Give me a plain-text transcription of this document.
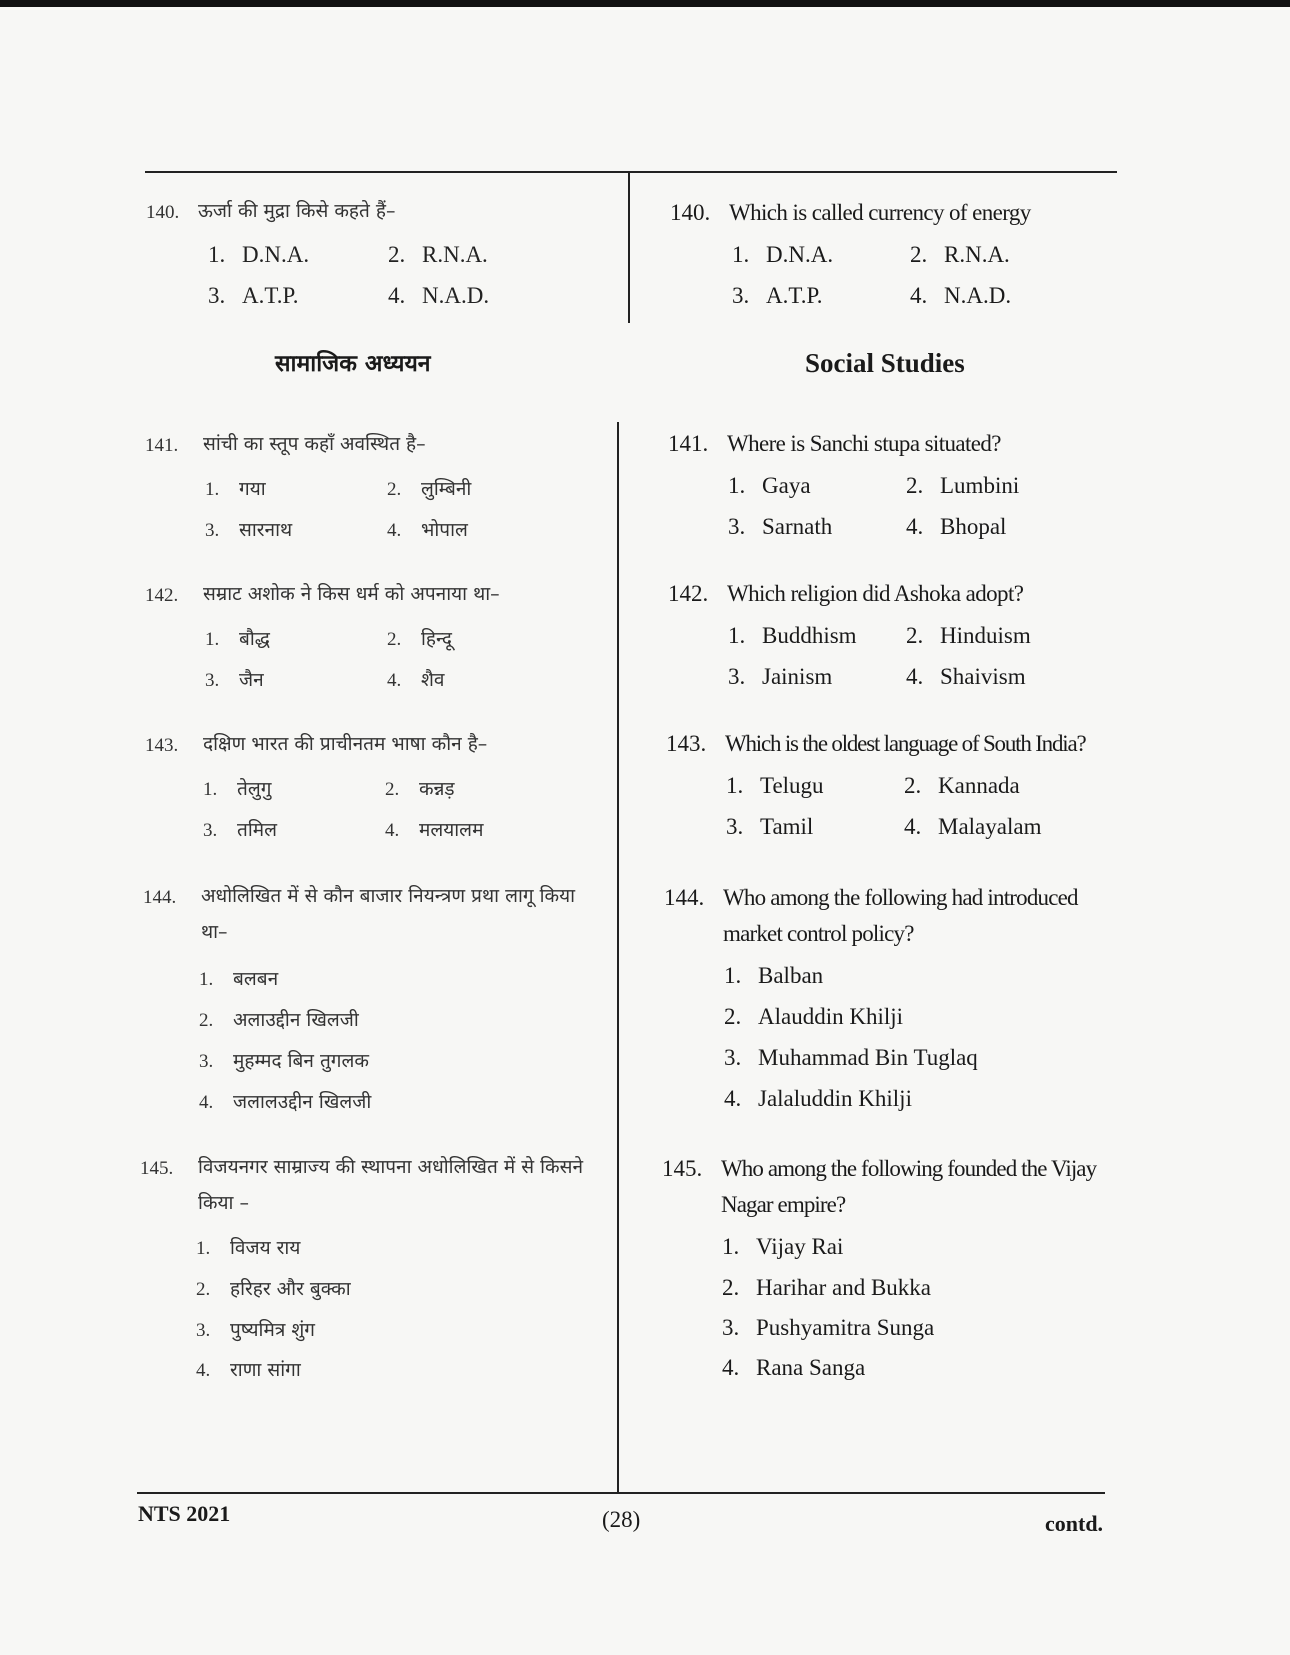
140. ऊर्जा की मुद्रा किसे कहते हैं–
1. D.N.A.	2. R.N.A.
3. A.T.P.	4. N.A.D.
सामाजिक अध्ययन
141. सांची का स्तूप कहाँ अवस्थित है–
1. गया	2. लुम्बिनी
3. सारनाथ	4. भोपाल
142. सम्राट अशोक ने किस धर्म को अपनाया था–
1. बौद्ध	2. हिन्दू
3. जैन	4. शैव
143. दक्षिण भारत की प्राचीनतम भाषा कौन है–
1. तेलुगु	2. कन्नड़
3. तमिल	4. मलयालम
144. अधोलिखित में से कौन बाजार नियन्त्रण प्रथा लागू किया था–
1. बलबन
2. अलाउद्दीन खिलजी
3. मुहम्मद बिन तुगलक
4. जलालउद्दीन खिलजी
145. विजयनगर साम्राज्य की स्थापना अधोलिखित में से किसने किया –
1. विजय राय
2. हरिहर और बुक्का
3. पुष्यमित्र शुंग
4. राणा सांगा
140. Which is called currency of energy
1. D.N.A.	2. R.N.A.
3. A.T.P.	4. N.A.D.
Social Studies
141. Where is Sanchi stupa situated?
1. Gaya	2. Lumbini
3. Sarnath	4. Bhopal
142. Which religion did Ashoka adopt?
1. Buddhism 2. Hinduism
3. Jainism	4. Shaivism
143. Which is the oldest language of South India?
1. Telugu	2. Kannada
3. Tamil	4. Malayalam
144. Who among the following had introduced market control policy?
1. Balban
2. Alauddin Khilji
3. Muhammad Bin Tuglaq
4. Jalaluddin Khilji
145. Who among the following founded the Vijay Nagar empire?
1. Vijay Rai
2. Harihar and Bukka
3. Pushyamitra Sunga
4. Rana Sanga
NTS 2021	(28)	contd.
